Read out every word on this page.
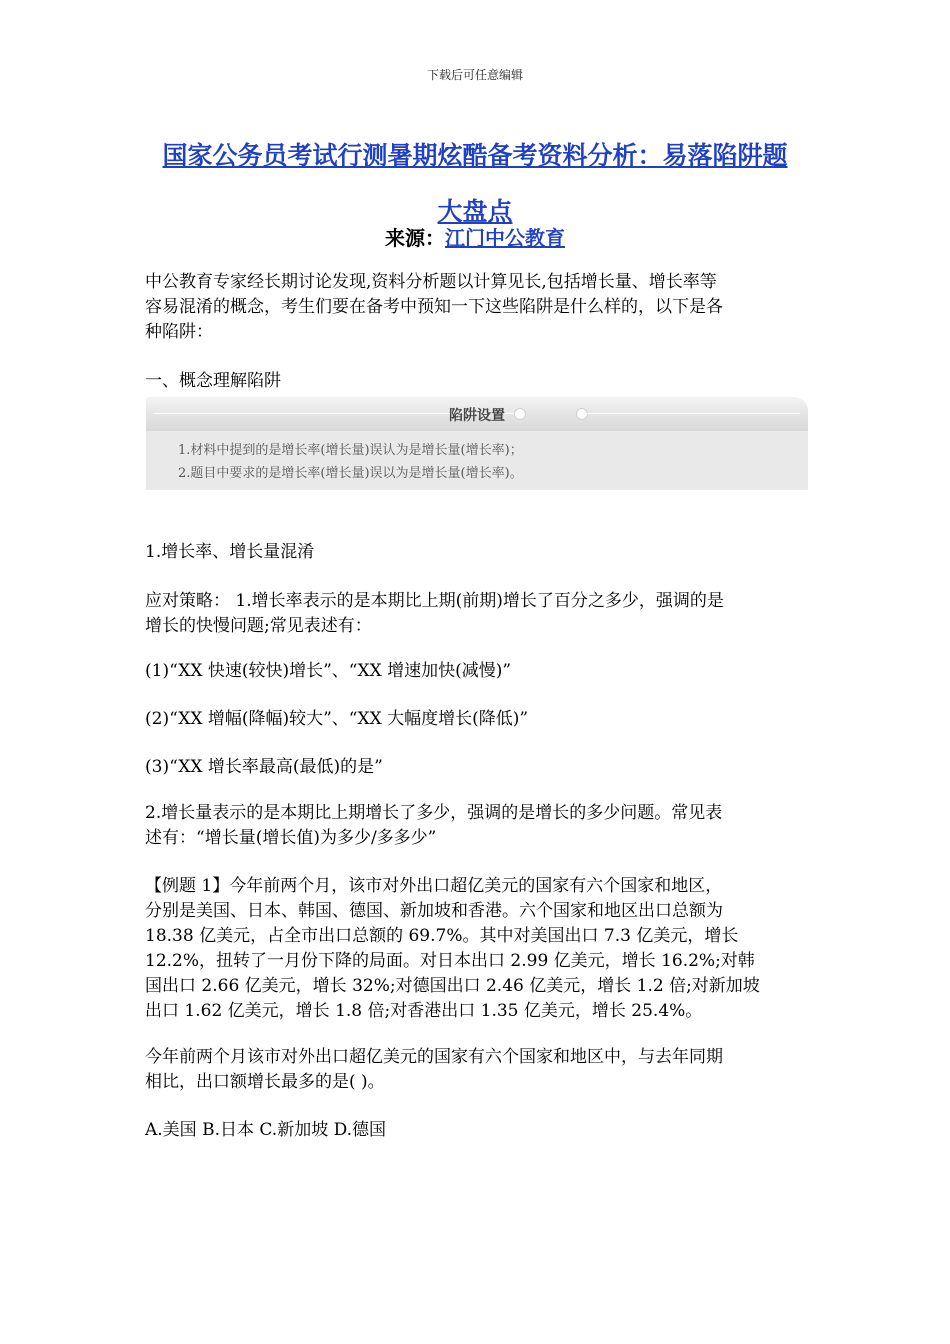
下载后可任意编辑
国家公务员考试行测暑期炫酷备考资料分析：易落陷阱题
大盘点
来源：江门中公教育
中公教育专家经长期讨论发现,资料分析题以计算见长,包括增长量、增长率等
容易混淆的概念，考生们要在备考中预知一下这些陷阱是什么样的，以下是各
种陷阱：
一、概念理解陷阱
陷阱设置
1.材料中提到的是增长率(增长量)误认为是增长量(增长率)；
2.题目中要求的是增长率(增长量)误以为是增长量(增长率)。
1.增长率、增长量混淆
应对策略： 1.增长率表示的是本期比上期(前期)增长了百分之多少，强调的是
增长的快慢问题;常见表述有：
(1)“XX 快速(较快)增长”、“XX 增速加快(减慢)”
(2)“XX 增幅(降幅)较大”、“XX 大幅度增长(降低)”
(3)“XX 增长率最高(最低)的是”
2.增长量表示的是本期比上期增长了多少，强调的是增长的多少问题。常见表
述有：“增长量(增长值)为多少/多多少”
【例题 1】今年前两个月，该市对外出口超亿美元的国家有六个国家和地区，
分别是美国、日本、韩国、德国、新加坡和香港。六个国家和地区出口总额为
18.38 亿美元，占全市出口总额的 69.7%。其中对美国出口 7.3 亿美元，增长
12.2%，扭转了一月份下降的局面。对日本出口 2.99 亿美元，增长 16.2%;对韩
国出口 2.66 亿美元，增长 32%;对德国出口 2.46 亿美元，增长 1.2 倍;对新加坡
出口 1.62 亿美元，增长 1.8 倍;对香港出口 1.35 亿美元，增长 25.4%。
今年前两个月该市对外出口超亿美元的国家有六个国家和地区中，与去年同期
相比，出口额增长最多的是( )。
A.美国 B.日本 C.新加坡 D.德国
